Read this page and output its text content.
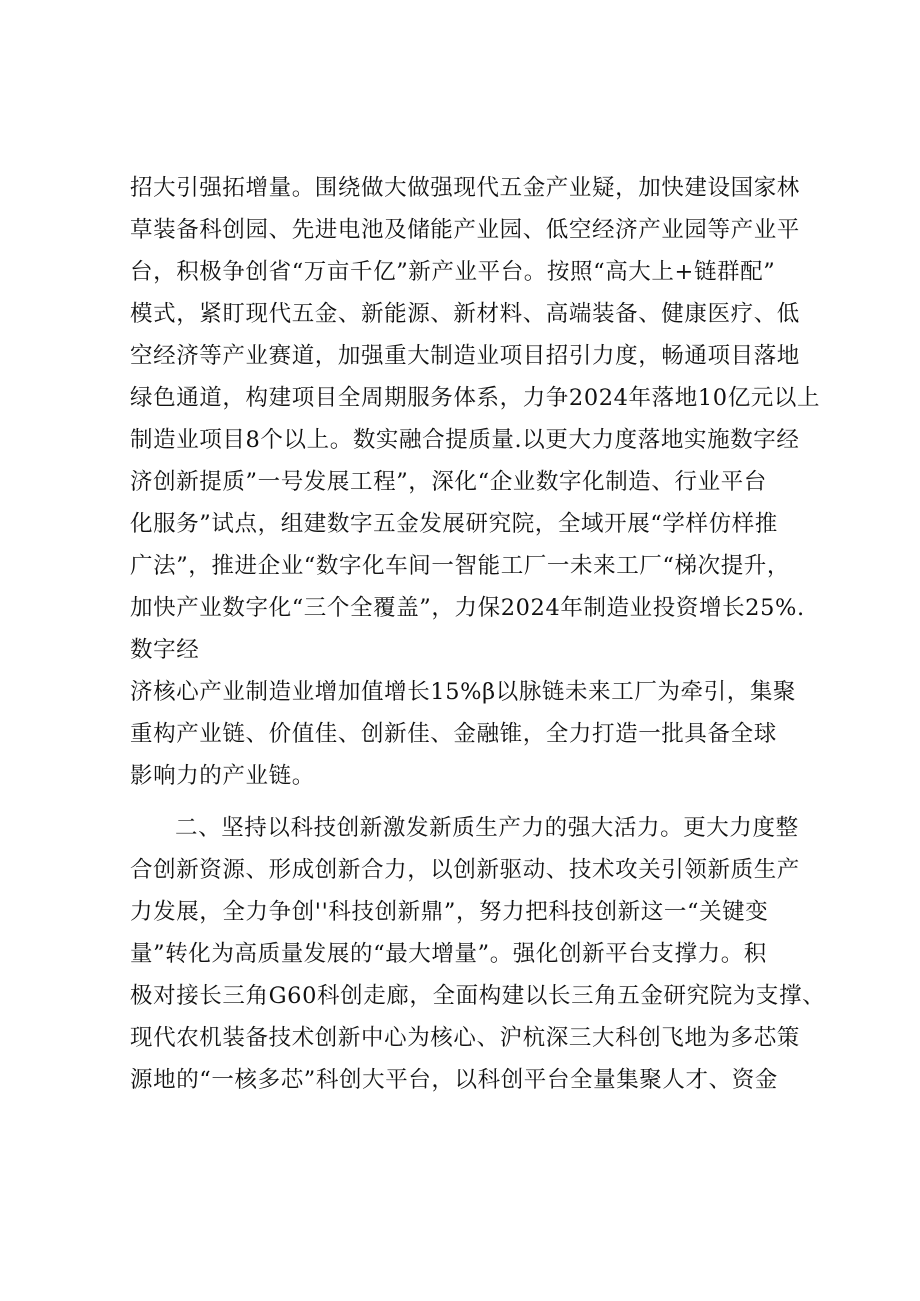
招大引强拓增量。围绕做大做强现代五金产业疑，加快建设国家林
草装备科创园、先进电池及储能产业园、低空经济产业园等产业平
台，积极争创省“万亩千亿”新产业平台。按照“高大上+链群配”
模式，紧盯现代五金、新能源、新材料、高端装备、健康医疗、低
空经济等产业赛道，加强重大制造业项目招引力度，畅通项目落地
绿色通道，构建项目全周期服务体系，力争2024年落地10亿元以上
制造业项目8个以上。数实融合提质量.以更大力度落地实施数字经
济创新提质”一号发展工程”，深化“企业数字化制造、行业平台
化服务”试点，组建数字五金发展研究院，全域开展“学样仿样推
广法”，推进企业“数字化车间一智能工厂一未来工厂“梯次提升，
加快产业数字化“三个全覆盖”，力保2024年制造业投资增长25%.
数字经
济核心产业制造业增加值增长15%β以脉链未来工厂为牵引，集聚
重构产业链、价值佳、创新佳、金融锥，全力打造一批具备全球
影响力的产业链。
二、坚持以科技创新激发新质生产力的强大活力。更大力度整
合创新资源、形成创新合力，以创新驱动、技术攻关引领新质生产
力发展，全力争创''科技创新鼎”，努力把科技创新这一“关键变
量”转化为高质量发展的“最大增量”。强化创新平台支撑力。积
极对接长三角G60科创走廊，全面构建以长三角五金研究院为支撑、
现代农机装备技术创新中心为核心、沪杭深三大科创飞地为多芯策
源地的“一核多芯”科创大平台，以科创平台全量集聚人才、资金
